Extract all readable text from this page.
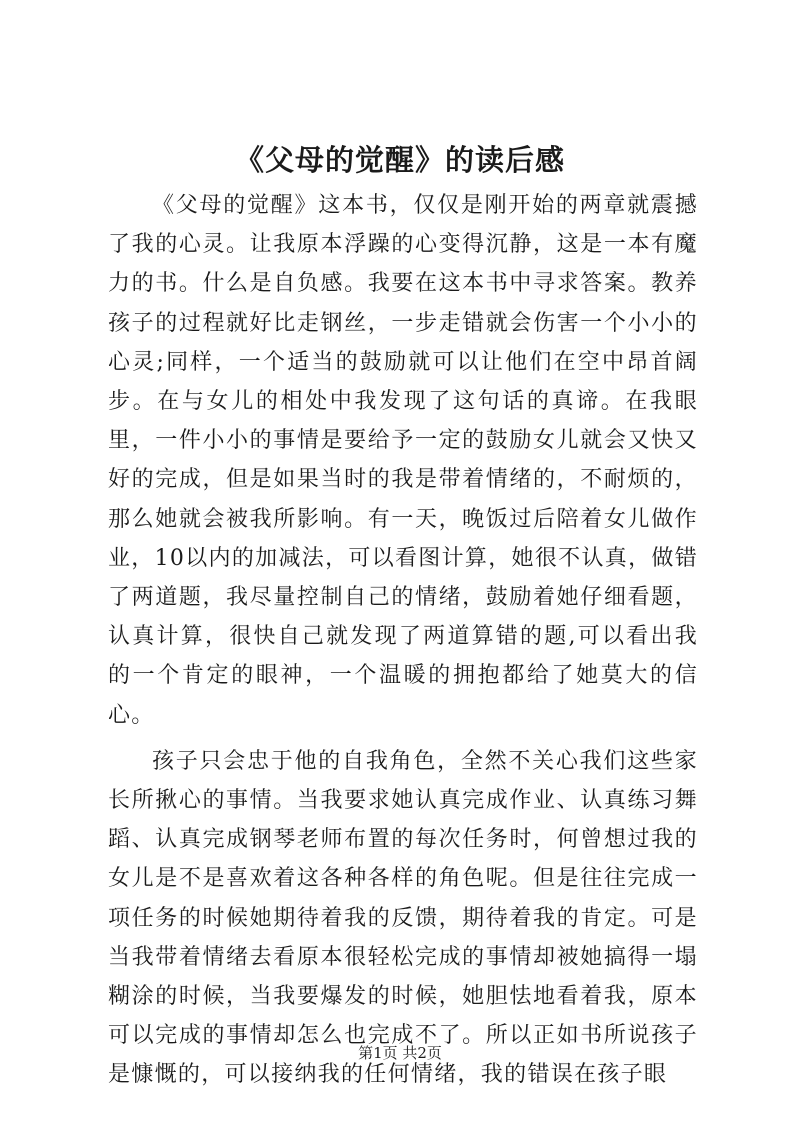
《父母的觉醒》的读后感

《父母的觉醒》这本书，仅仅是刚开始的两章就震撼了我的心灵。让我原本浮躁的心变得沉静，这是一本有魔力的书。什么是自负感。我要在这本书中寻求答案。教养孩子的过程就好比走钢丝，一步走错就会伤害一个小小的心灵;同样，一个适当的鼓励就可以让他们在空中昂首阔步。在与女儿的相处中我发现了这句话的真谛。在我眼里，一件小小的事情是要给予一定的鼓励女儿就会又快又好的完成，但是如果当时的我是带着情绪的，不耐烦的，那么她就会被我所影响。有一天，晚饭过后陪着女儿做作业，10以内的加减法，可以看图计算，她很不认真，做错了两道题，我尽量控制自己的情绪，鼓励着她仔细看题，认真计算，很快自己就发现了两道算错的题,可以看出我的一个肯定的眼神，一个温暖的拥抱都给了她莫大的信心。

孩子只会忠于他的自我角色，全然不关心我们这些家长所揪心的事情。当我要求她认真完成作业、认真练习舞蹈、认真完成钢琴老师布置的每次任务时，何曾想过我的女儿是不是喜欢着这各种各样的角色呢。但是往往完成一项任务的时候她期待着我的反馈，期待着我的肯定。可是当我带着情绪去看原本很轻松完成的事情却被她搞得一塌糊涂的时候，当我要爆发的时候，她胆怯地看着我，原本可以完成的事情却怎么也完成不了。所以正如书所说孩子是慷慨的，可以接纳我的任何情绪，我的错误在孩子眼

第1页 共2页
